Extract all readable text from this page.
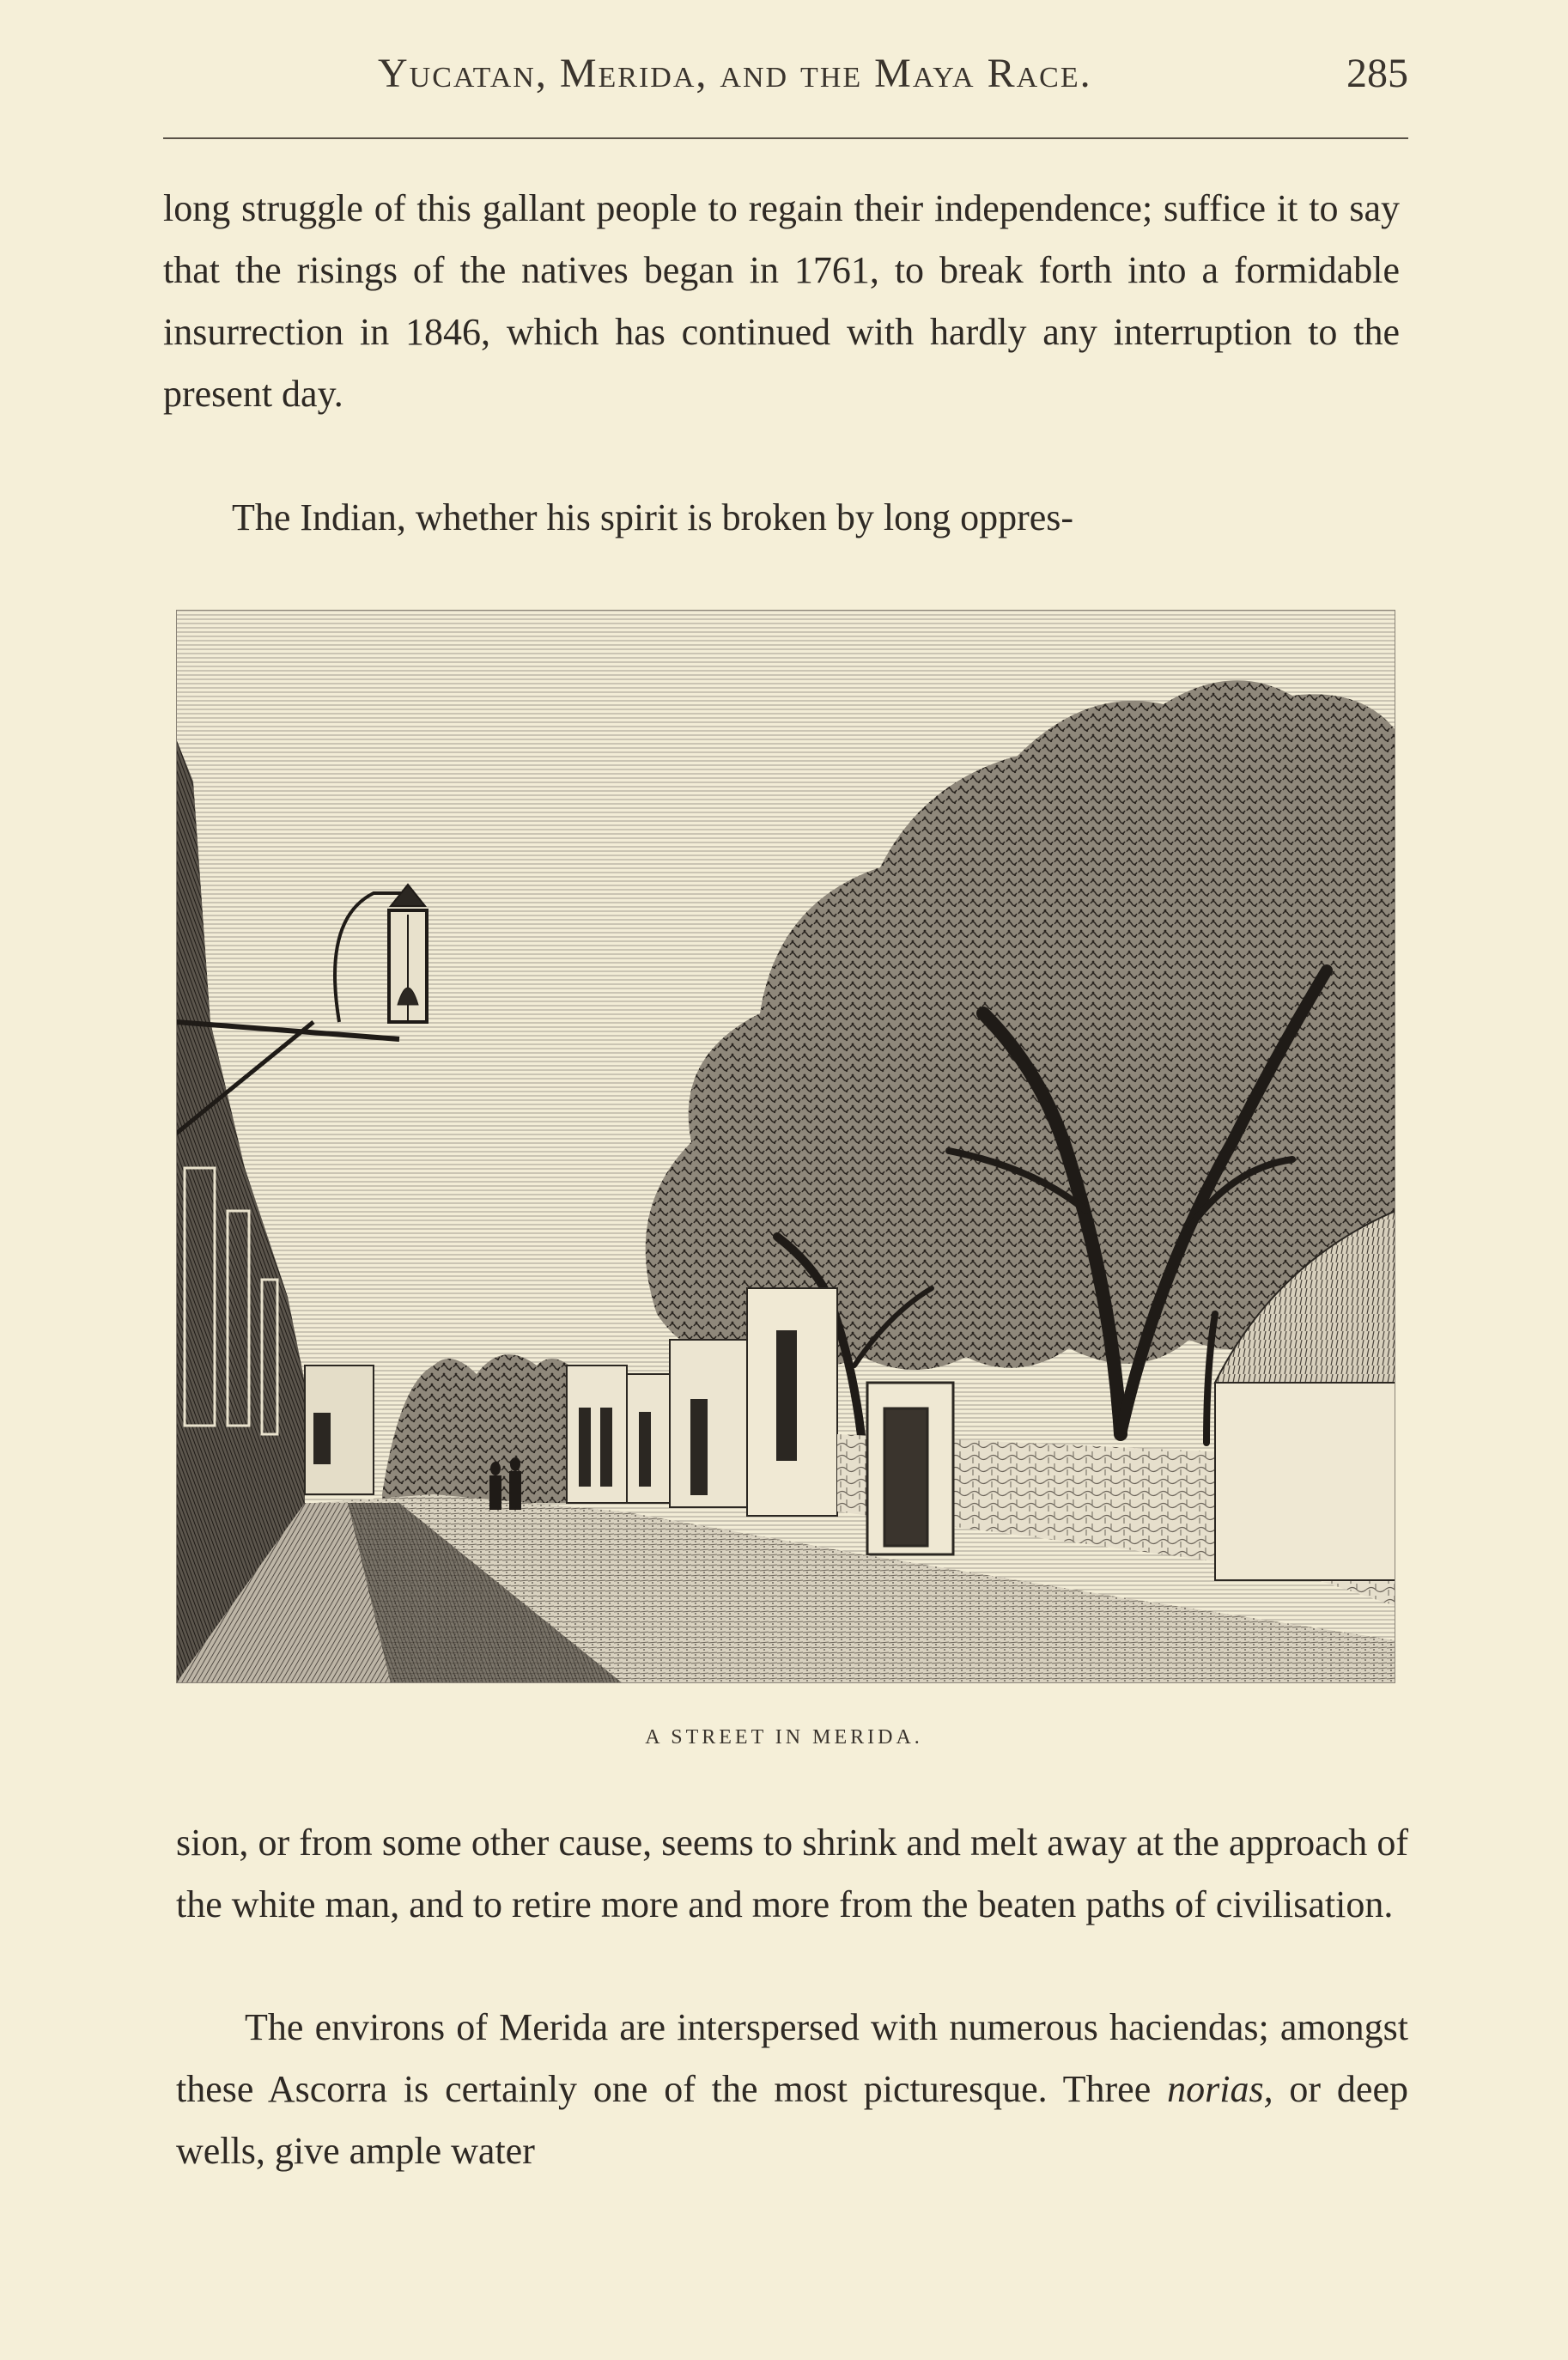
Yucatan, Merida, and the Maya Race.	285
long struggle of this gallant people to regain their independence; suffice it to say that the risings of the natives began in 1761, to break forth into a formidable insurrection in 1846, which has continued with hardly any interruption to the present day.
The Indian, whether his spirit is broken by long oppres-
A STREET IN MERIDA.
sion, or from some other cause, seems to shrink and melt away at the approach of the white man, and to retire more and more from the beaten paths of civilisation.
The environs of Merida are interspersed with numerous haciendas; amongst these Ascorra is certainly one of the most picturesque. Three norias, or deep wells, give ample water
